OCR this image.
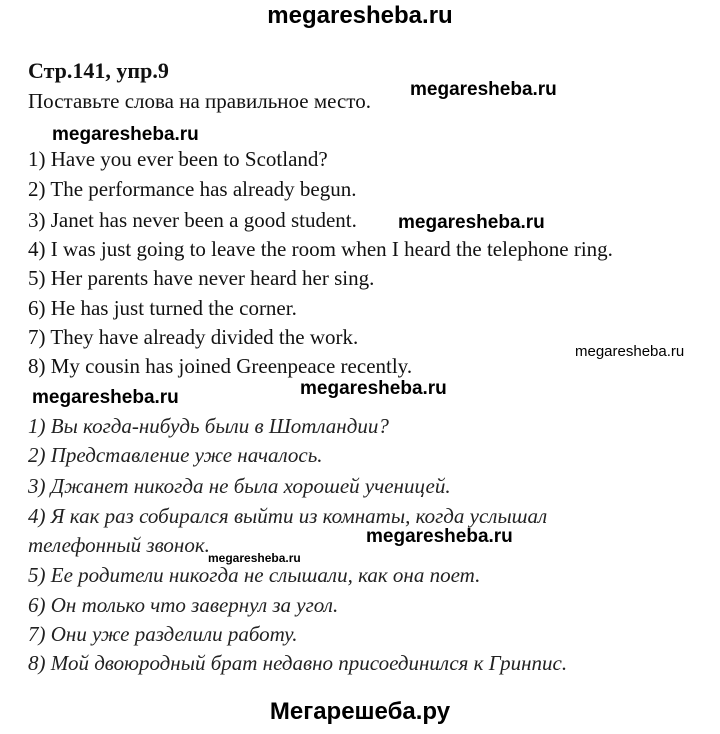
megaresheba.ru
megaresheba.ru
megaresheba.ru
megaresheba.ru
megaresheba.ru
megaresheba.ru	megaresheba.ru
megaresheba.ru
megaresheba.ru
Стр.141, упр.9
Поставьте слова на правильное место.
1) Have you ever been to Scotland?
2) The performance has already begun.
3) Janet has never been a good student.
4) I was just going to leave the room when I heard the telephone ring.
5) Her parents have never heard her sing.
6) He has just turned the corner.
7) They have already divided the work.
8) My cousin has joined Greenpeace recently.
1) Вы когда-нибудь были в Шотландии?
2) Представление уже началось.
3) Джанет никогда не была хорошей ученицей.
4) Я как раз собирался выйти из комнаты, когда услышал
телефонный звонок.
5) Ее родители никогда не слышали, как она поет.
6) Он только что завернул за угол.
7) Они уже разделили работу.
8) Мой двоюродный брат недавно присоединился к Гринпис.
Мегарешеба.ру
